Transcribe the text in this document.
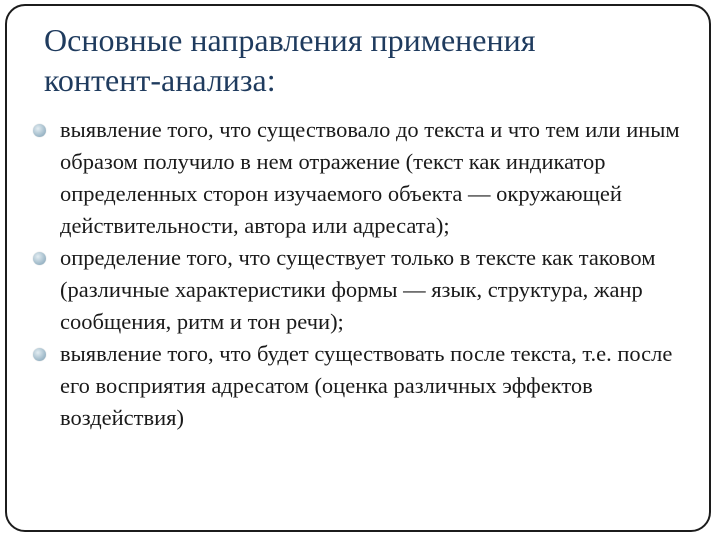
Основные направления применения
контент-анализа:
выявление того, что существовало до текста и что тем или иным образом получило в нем отражение (текст как индикатор определенных сторон изучаемого объекта — окружающей действительности, автора или адресата);
определение того, что существует только в тексте как таковом (различные характеристики формы — язык, структура, жанр сообщения, ритм и тон речи);
выявление того, что будет существовать после текста, т.е. после его восприятия адресатом (оценка различных эффектов воздействия)
